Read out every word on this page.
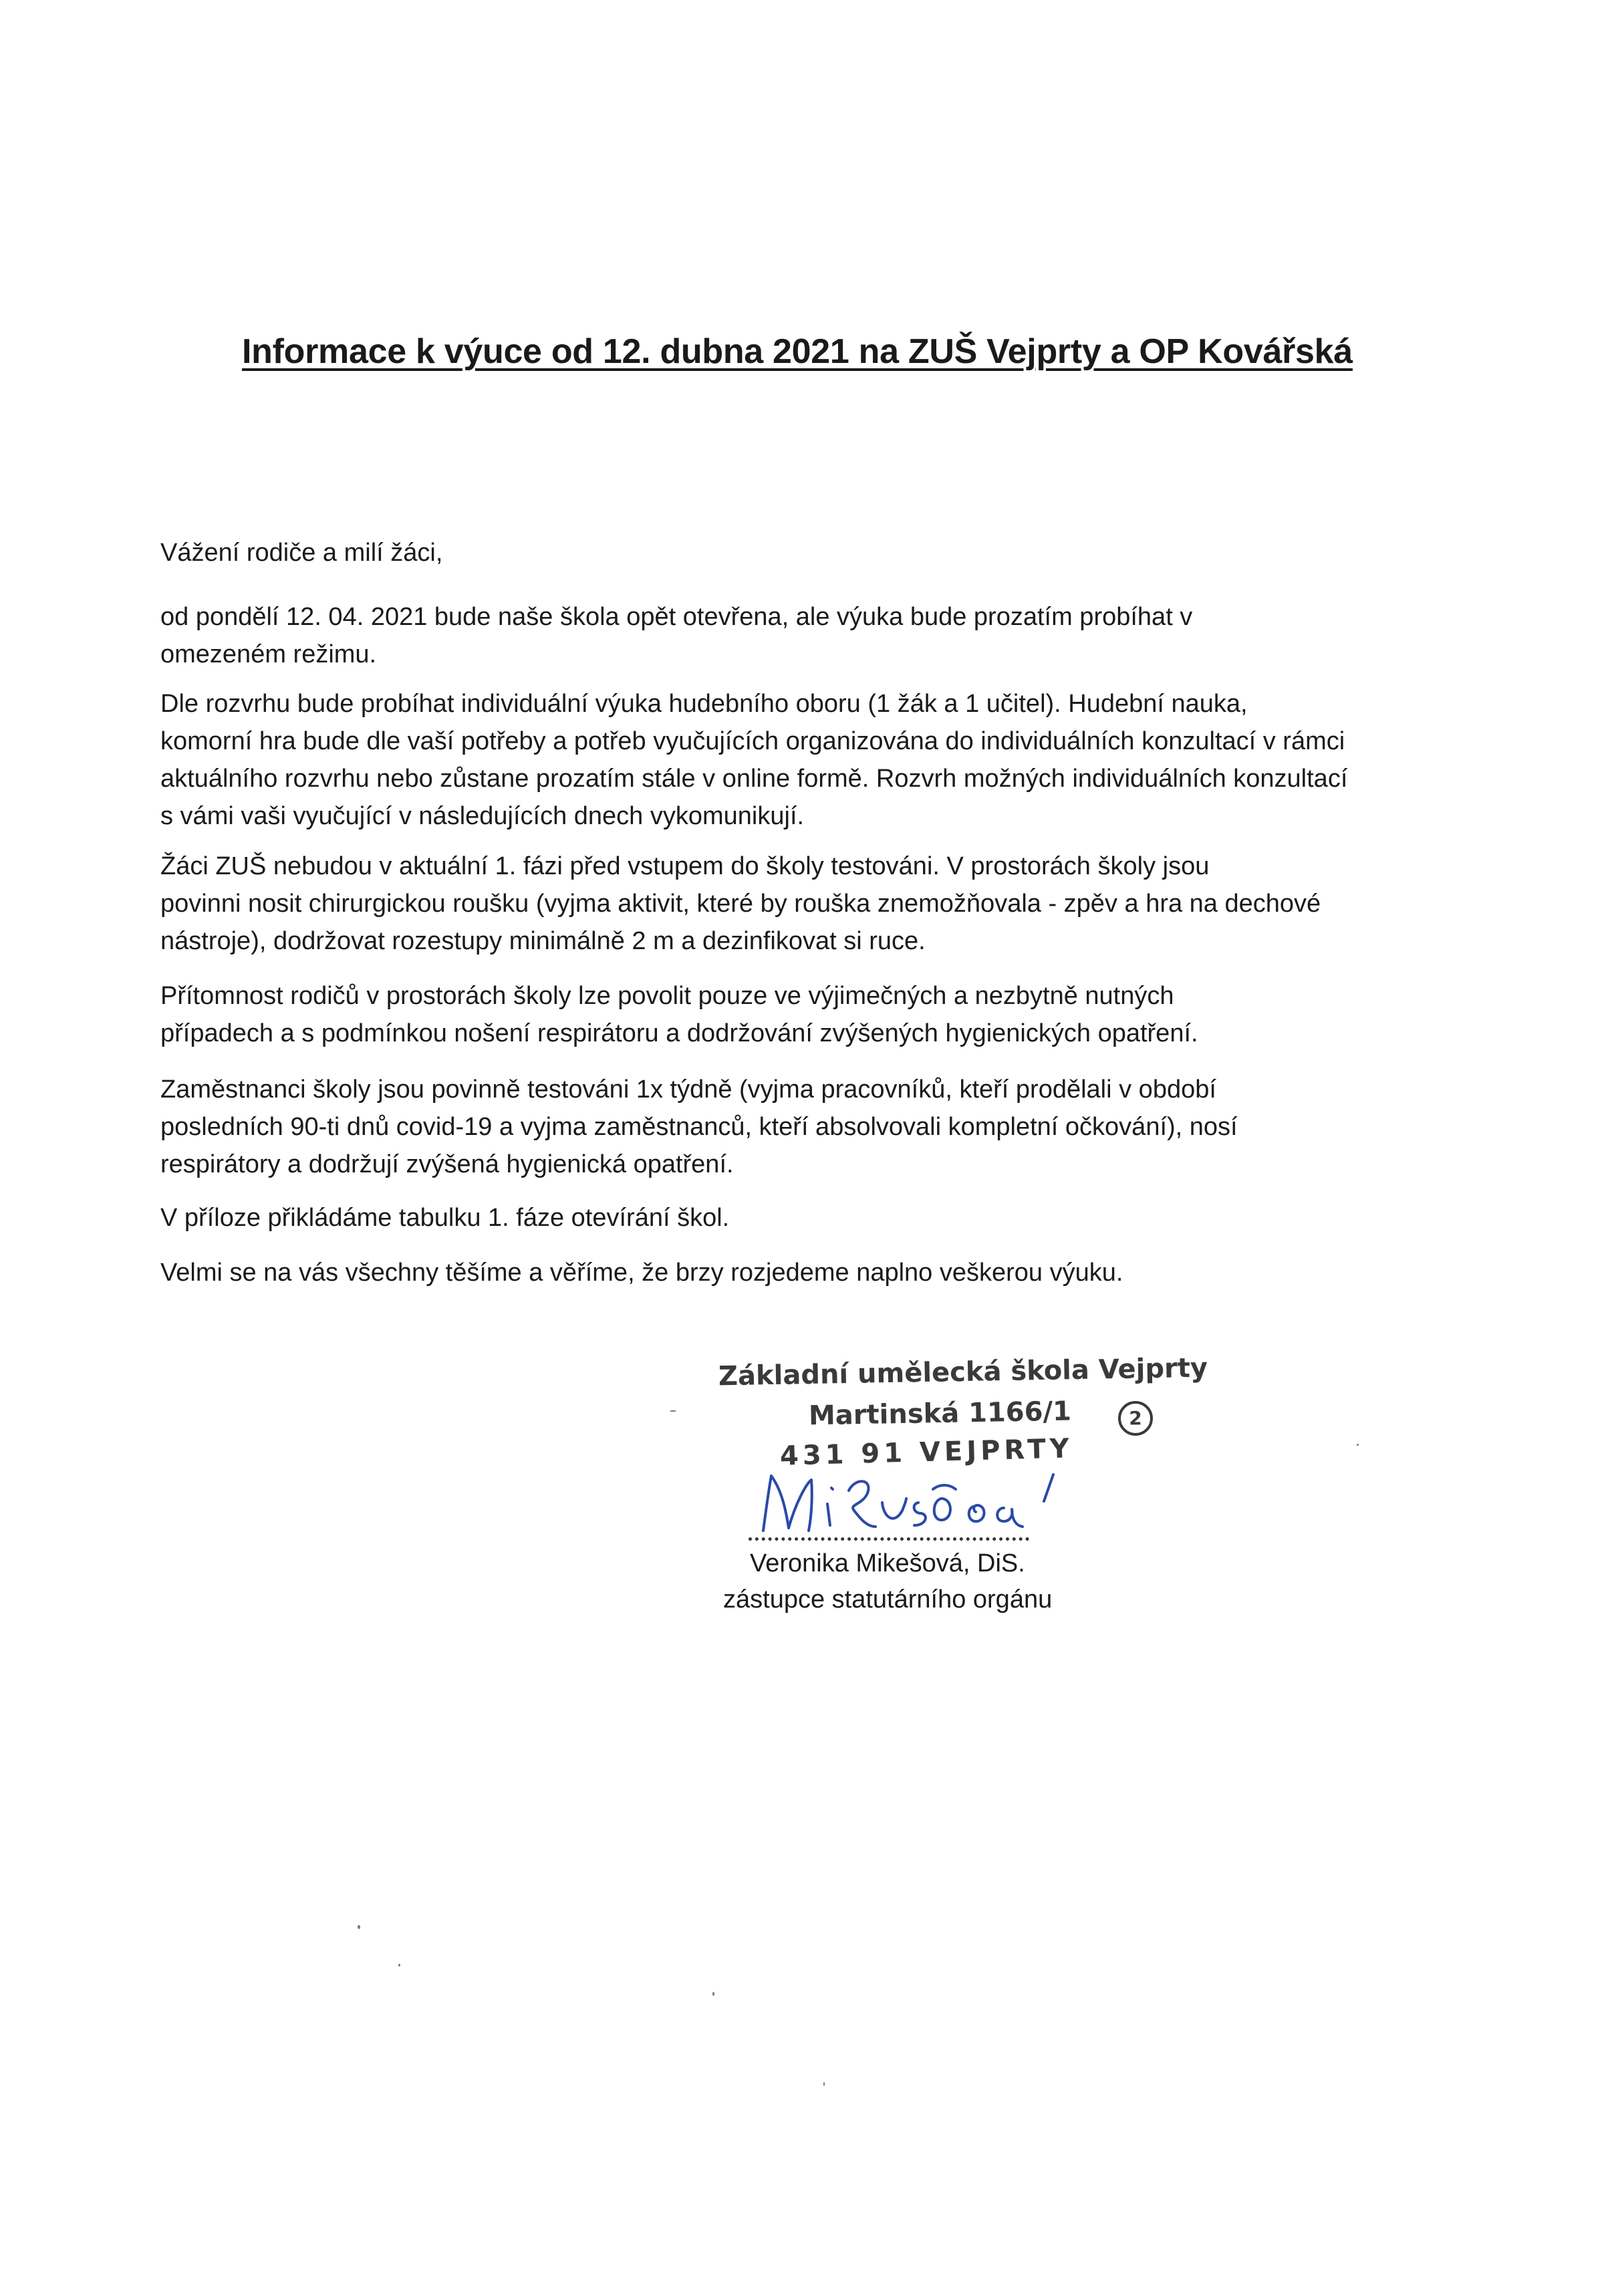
Informace k výuce od 12. dubna 2021 na ZUŠ Vejprty a OP Kovářská
Vážení rodiče a milí žáci,

od pondělí 12. 04. 2021 bude naše škola opět otevřena, ale výuka bude prozatím probíhat v
omezeném režimu.

Dle rozvrhu bude probíhat individuální výuka hudebního oboru (1 žák a 1 učitel). Hudební nauka,
komorní hra bude dle vaší potřeby a potřeb vyučujících organizována do individuálních konzultací v rámci
aktuálního rozvrhu nebo zůstane prozatím stále v online formě. Rozvrh možných individuálních konzultací
s vámi vaši vyučující v následujících dnech vykomunikují.

Žáci ZUŠ nebudou v aktuální 1. fázi před vstupem do školy testováni. V prostorách školy jsou
povinni nosit chirurgickou roušku (vyjma aktivit, které by rouška znemožňovala - zpěv a hra na dechové
nástroje), dodržovat rozestupy minimálně 2 m a dezinfikovat si ruce.

Přítomnost rodičů v prostorách školy lze povolit pouze ve výjimečných a nezbytně nutných
případech a s podmínkou nošení respirátoru a dodržování zvýšených hygienických opatření.

Zaměstnanci školy jsou povinně testováni 1x týdně (vyjma pracovníků, kteří prodělali v období
posledních 90-ti dnů covid-19 a vyjma zaměstnanců, kteří absolvovali kompletní očkování), nosí
respirátory a dodržují zvýšená hygienická opatření.

V příloze přikládáme tabulku 1. fáze otevírání škol.

Velmi se na vás všechny těšíme a věříme, že brzy rozjedeme naplno veškerou výuku.

Základní umělecká škola Vejprty
Martinská 1166/1
431 91 VEJPRTY
2
Veronika Mikešová, DiS.
zástupce statutárního orgánu
